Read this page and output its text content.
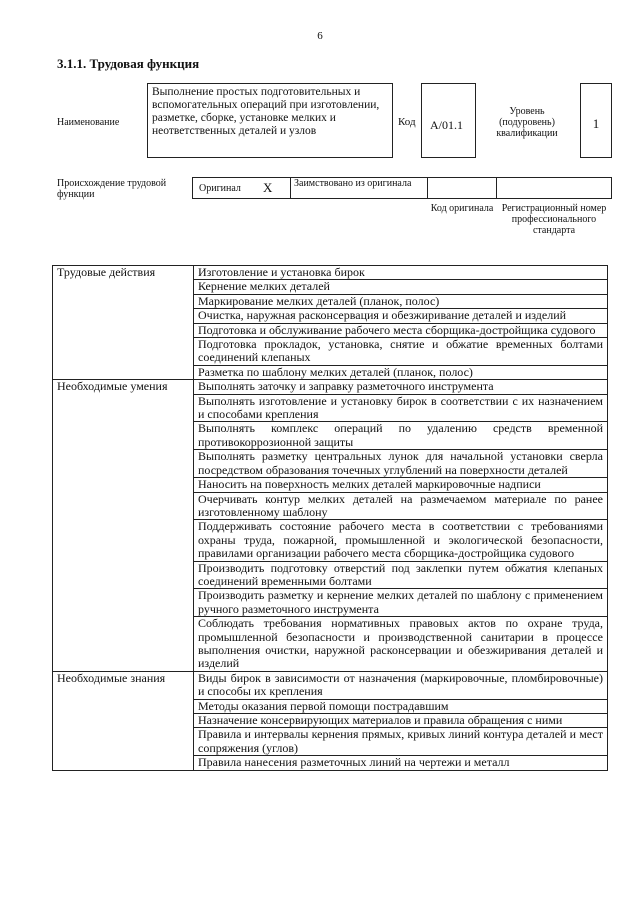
6
3.1.1. Трудовая функция
Наименование
Выполнение простых подготовительных и вспомогательных операций при изготовлении, разметке, сборке, установке мелких и неответственных деталей и узлов
Код	A/01.1
Уровень (подуровень) квалификации
1
Происхождение трудовой функции
Оригинал X	Заимствовано из оригинала
Код оригинала Регистрационный номер профессионального стандарта
Трудовые действия	Изготовление и установка бирок
	Кернение мелких деталей
	Маркирование мелких деталей (планок, полос)
	Очистка, наружная расконсервация и обезжиривание деталей и изделий
	Подготовка и обслуживание рабочего места сборщика-достройщика судового
	Подготовка прокладок, установка, снятие и обжатие временных болтами соединений клепаных
	Разметка по шаблону мелких деталей (планок, полос)
Необходимые умения	Выполнять заточку и заправку разметочного инструмента
	Выполнять изготовление и установку бирок в соответствии с их назначением и способами крепления
	Выполнять комплекс операций по удалению средств временной противокоррозионной защиты
	Выполнять разметку центральных лунок для начальной установки сверла посредством образования точечных углублений на поверхности деталей
	Наносить на поверхность мелких деталей маркировочные надписи
	Очерчивать контур мелких деталей на размечаемом материале по ранее изготовленному шаблону
	Поддерживать состояние рабочего места в соответствии с требованиями охраны труда, пожарной, промышленной и экологической безопасности, правилами организации рабочего места сборщика-достройщика судового
	Производить подготовку отверстий под заклепки путем обжатия клепаных соединений временными болтами
	Производить разметку и кернение мелких деталей по шаблону с применением ручного разметочного инструмента
	Соблюдать требования нормативных правовых актов по охране труда, промышленной безопасности и производственной санитарии в процессе выполнения очистки, наружной расконсервации и обезжиривания деталей и изделий
Необходимые знания	Виды бирок в зависимости от назначения (маркировочные, пломбировочные) и способы их крепления
	Методы оказания первой помощи пострадавшим
	Назначение консервирующих материалов и правила обращения с ними
	Правила и интервалы кернения прямых, кривых линий контура деталей и мест сопряжения (углов)
	Правила нанесения разметочных линий на чертежи и металл
